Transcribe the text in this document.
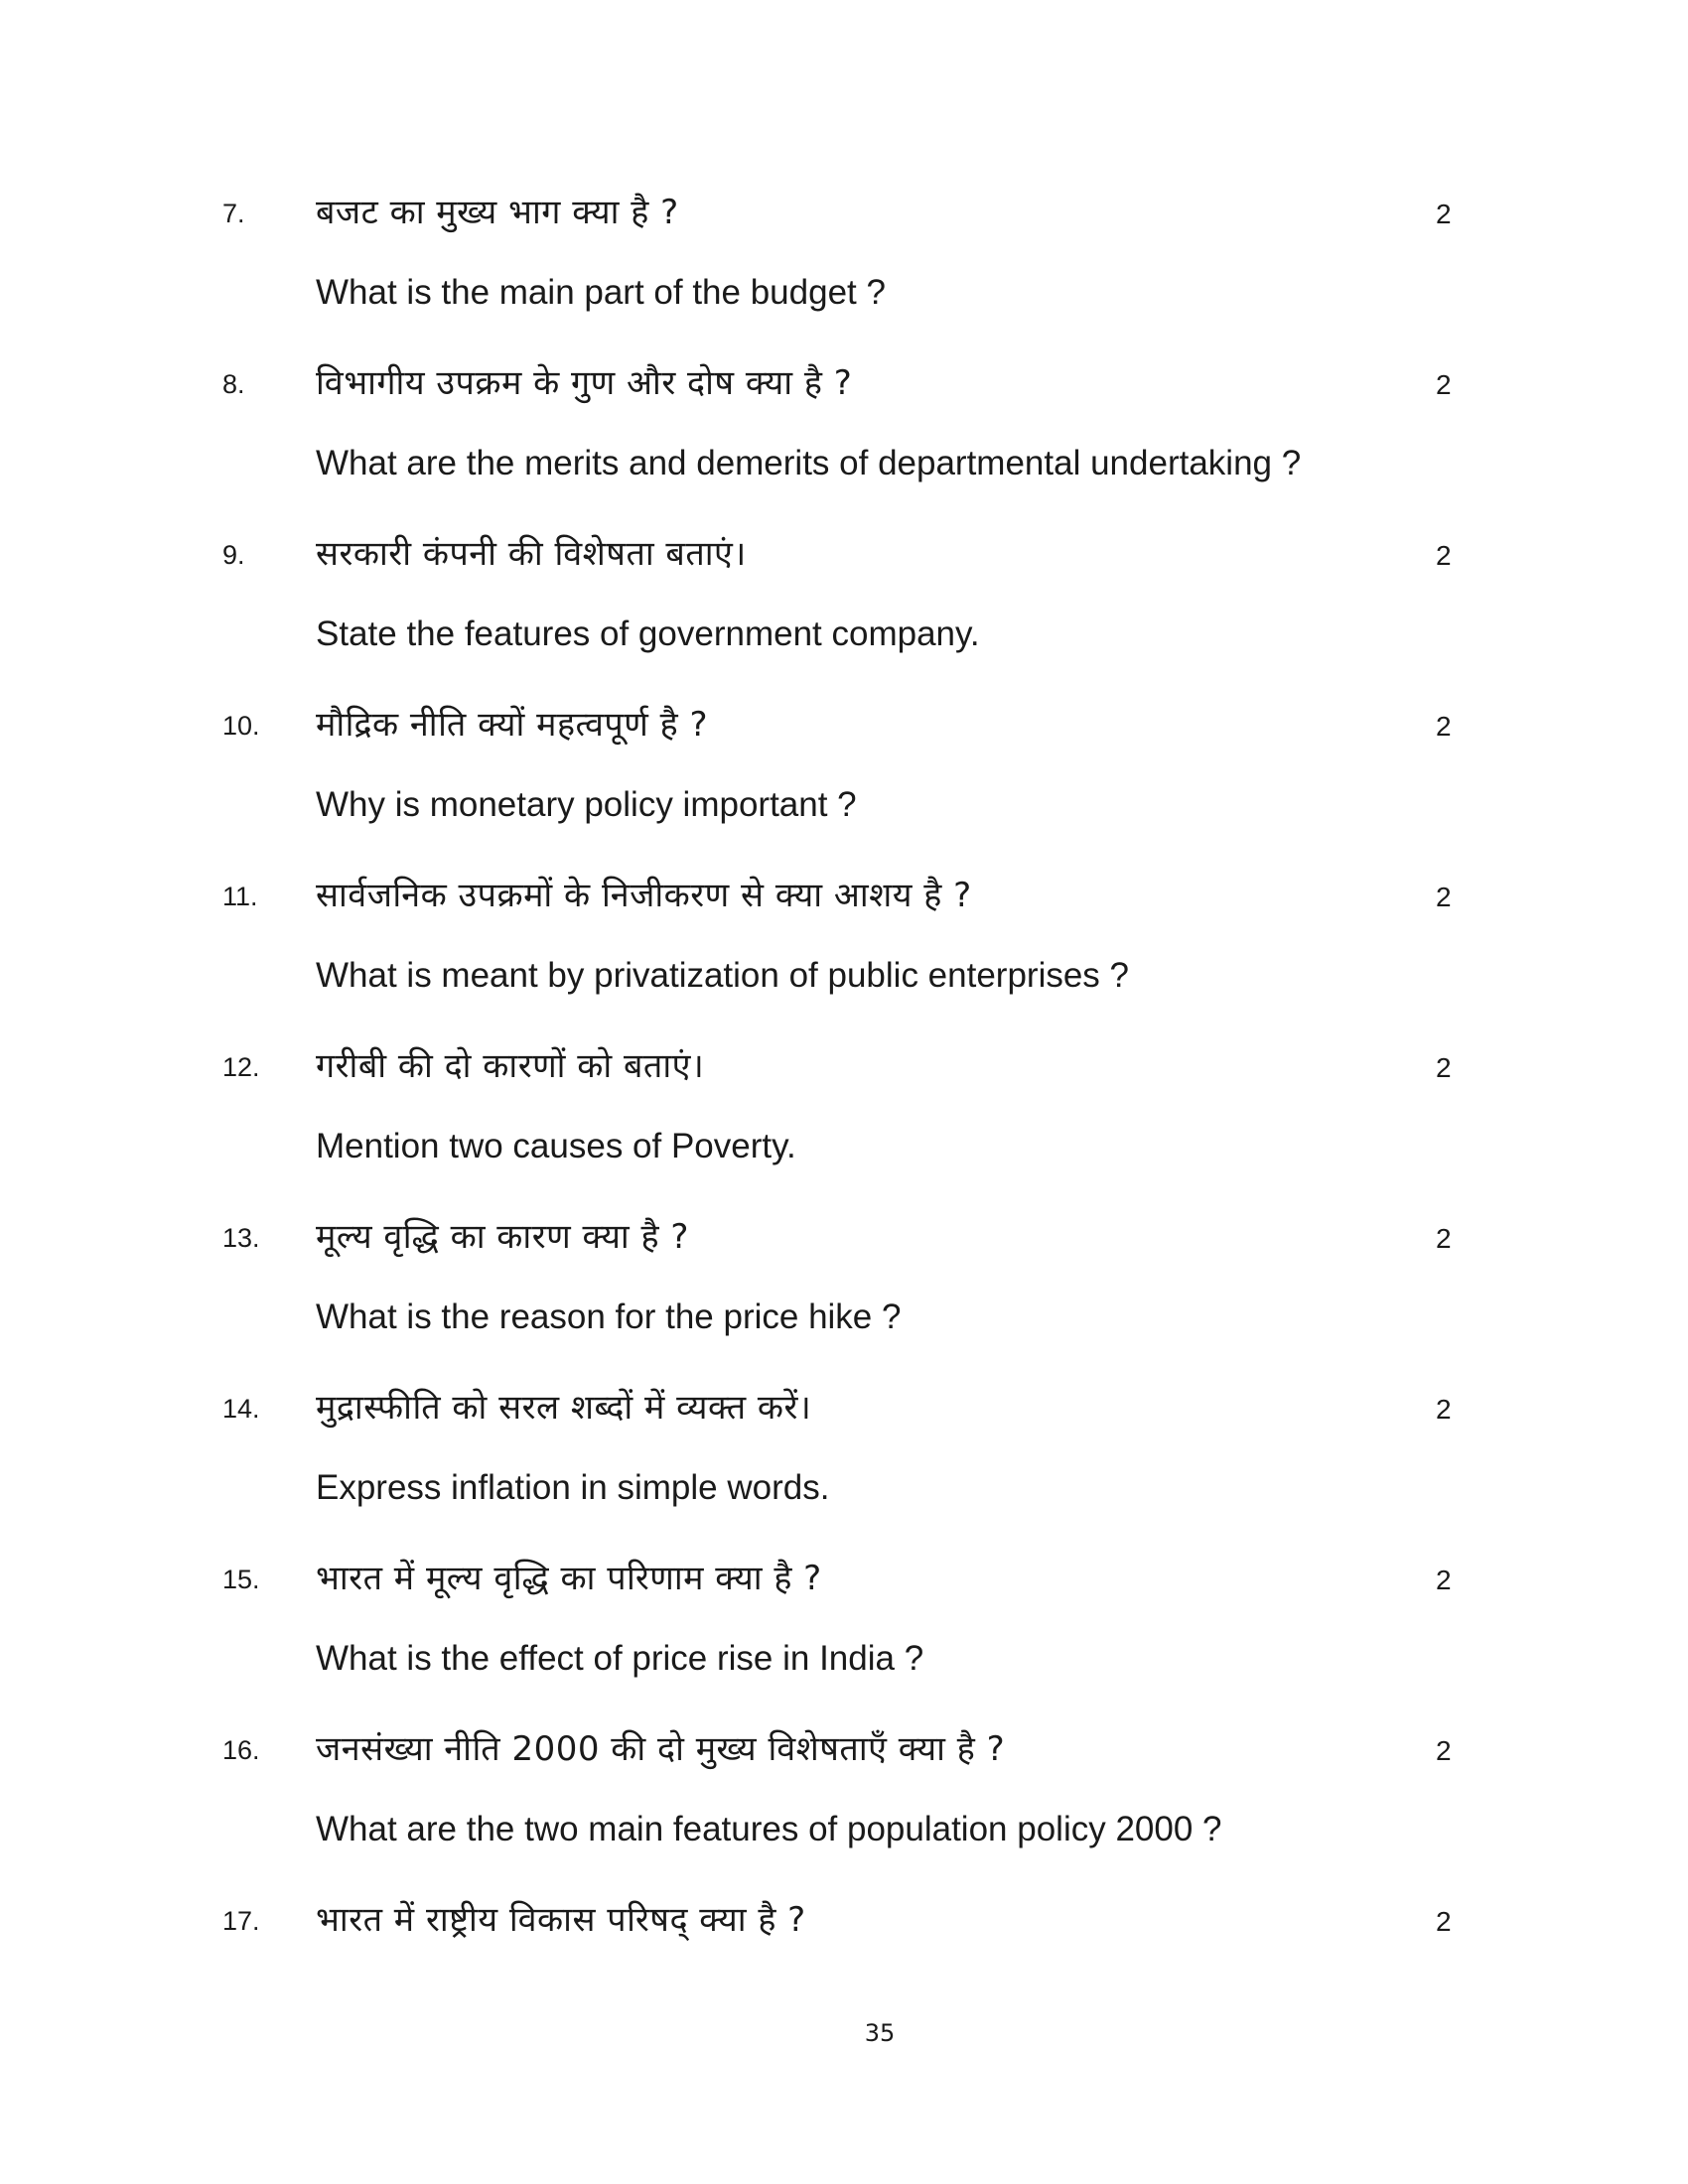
7. बजट का मुख्य भाग क्या है ?	2
What is the main part of the budget ?
8. विभागीय उपक्रम के गुण और दोष क्या है ?	2
What are the merits and demerits of departmental undertaking ?
9. सरकारी कंपनी की विशेषता बताएं।	2
State the features of government company.
10. मौद्रिक नीति क्यों महत्वपूर्ण है ?	2
Why is monetary policy important ?
11. सार्वजनिक उपक्रमों के निजीकरण से क्या आशय है ?	2
What is meant by privatization of public enterprises ?
12. गरीबी की दो कारणों को बताएं।	2
Mention two causes of Poverty.
13. मूल्य वृद्धि का कारण क्या है ?	2
What is the reason for the price hike ?
14. मुद्रास्फीति को सरल शब्दों में व्यक्त करें।	2
Express inflation in simple words.
15. भारत में मूल्य वृद्धि का परिणाम क्या है ?	2
What is the effect of price rise in India ?
16. जनसंख्या नीति 2000 की दो मुख्य विशेषताएँ क्या है ?	2
What are the two main features of population policy 2000 ?
17. भारत में राष्ट्रीय विकास परिषद् क्या है ?	2
35
